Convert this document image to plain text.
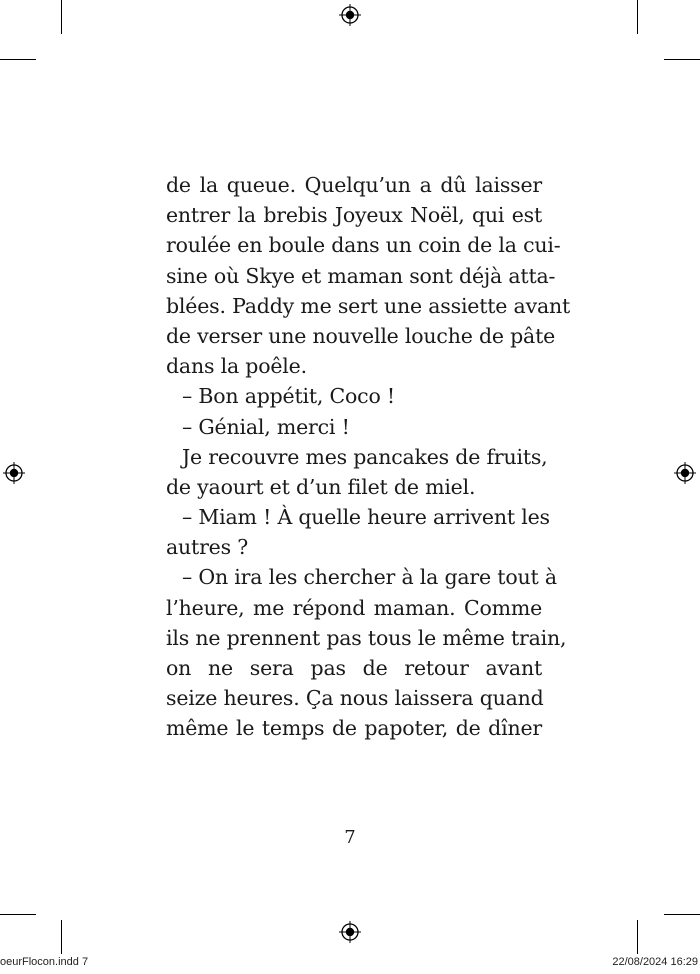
de la queue. Quelqu’un a dû laisser
entrer la brebis Joyeux Noël, qui est
roulée en boule dans un coin de la cui-
sine où Skye et maman sont déjà atta-
blées. Paddy me sert une assiette avant
de verser une nouvelle louche de pâte
dans la poêle.
– Bon appétit, Coco !
– Génial, merci !
Je recouvre mes pancakes de fruits,
de yaourt et d’un filet de miel.
– Miam ! À quelle heure arrivent les
autres ?
– On ira les chercher à la gare tout à
l’heure, me répond maman. Comme
ils ne prennent pas tous le même train,
on ne sera pas de retour avant
seize heures. Ça nous laissera quand
même le temps de papoter, de dîner
7
oeurFlocon.indd 7	22/08/2024 16:29
